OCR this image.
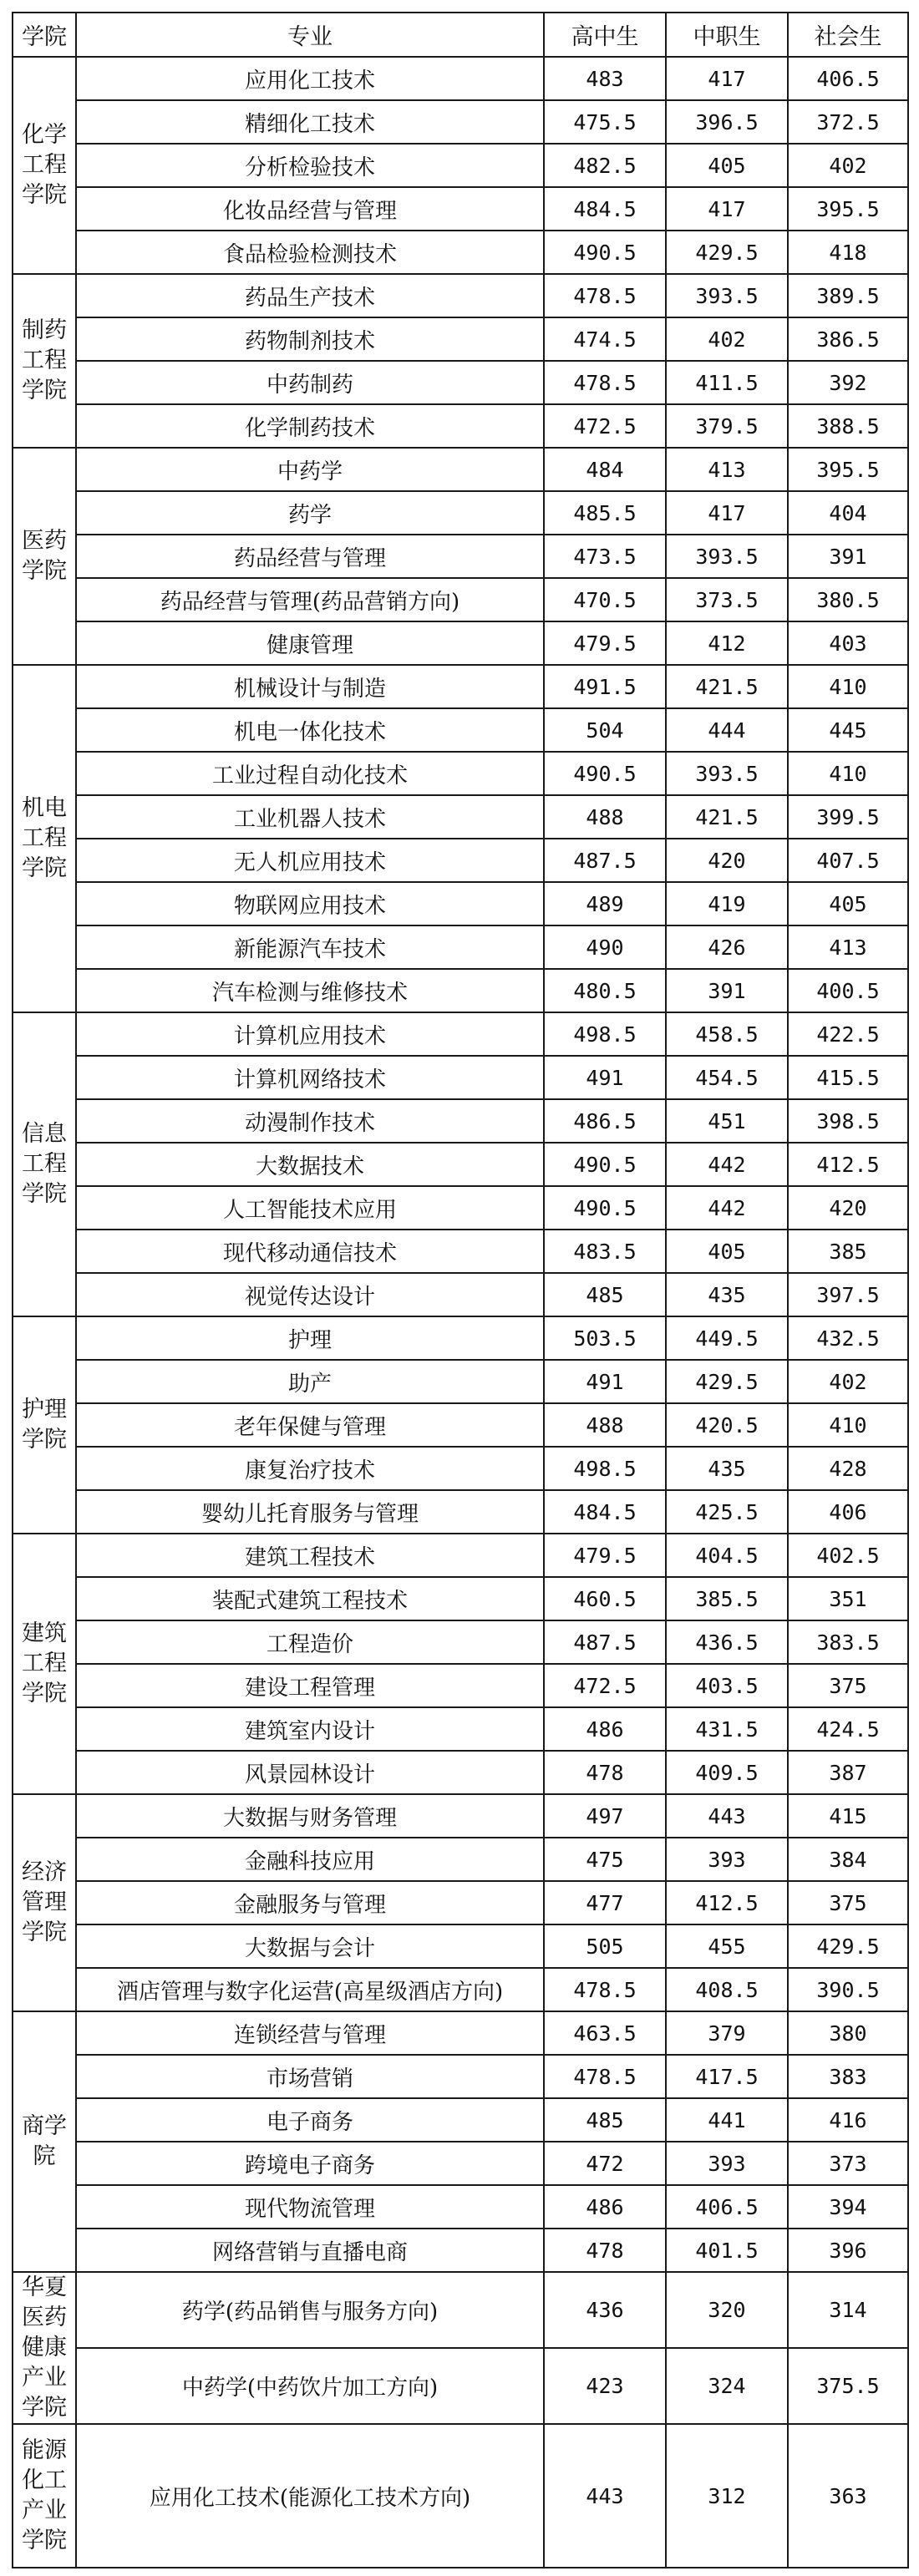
学院	专业	高中生	中职生	社会生

化学
工程
学院	应用化工技术	483	417	406.5
	精细化工技术	475.5	396.5	372.5
	分析检验技术	482.5	405	402
	化妆品经营与管理	484.5	417	395.5
	食品检验检测技术	490.5	429.5	418

制药
工程
学院	药品生产技术	478.5	393.5	389.5
	药物制剂技术	474.5	402	386.5
	中药制药	478.5	411.5	392
	化学制药技术	472.5	379.5	388.5

医药
学院	中药学	484	413	395.5
	药学	485.5	417	404
	药品经营与管理	473.5	393.5	391
	药品经营与管理(药品营销方向)	470.5	373.5	380.5
	健康管理	479.5	412	403

机电
工程
学院	机械设计与制造	491.5	421.5	410
	机电一体化技术	504	444	445
	工业过程自动化技术	490.5	393.5	410
	工业机器人技术	488	421.5	399.5
	无人机应用技术	487.5	420	407.5
	物联网应用技术	489	419	405
	新能源汽车技术	490	426	413
	汽车检测与维修技术	480.5	391	400.5

信息
工程
学院	计算机应用技术	498.5	458.5	422.5
	计算机网络技术	491	454.5	415.5
	动漫制作技术	486.5	451	398.5
	大数据技术	490.5	442	412.5
	人工智能技术应用	490.5	442	420
	现代移动通信技术	483.5	405	385
	视觉传达设计	485	435	397.5

护理
学院	护理	503.5	449.5	432.5
	助产	491	429.5	402
	老年保健与管理	488	420.5	410
	康复治疗技术	498.5	435	428
	婴幼儿托育服务与管理	484.5	425.5	406

建筑
工程
学院	建筑工程技术	479.5	404.5	402.5
	装配式建筑工程技术	460.5	385.5	351
	工程造价	487.5	436.5	383.5
	建设工程管理	472.5	403.5	375
	建筑室内设计	486	431.5	424.5
	风景园林设计	478	409.5	387

经济
管理
学院	大数据与财务管理	497	443	415
	金融科技应用	475	393	384
	金融服务与管理	477	412.5	375
	大数据与会计	505	455	429.5
	酒店管理与数字化运营(高星级酒店方向)	478.5	408.5	390.5

商学
院	连锁经营与管理	463.5	379	380
	市场营销	478.5	417.5	383
	电子商务	485	441	416
	跨境电子商务	472	393	373
	现代物流管理	486	406.5	394
	网络营销与直播电商	478	401.5	396

华夏
医药
健康
产业
学院	药学(药品销售与服务方向)	436	320	314
	中药学(中药饮片加工方向)	423	324	375.5

能源
化工
产业
学院	应用化工技术(能源化工技术方向)	443	312	363
